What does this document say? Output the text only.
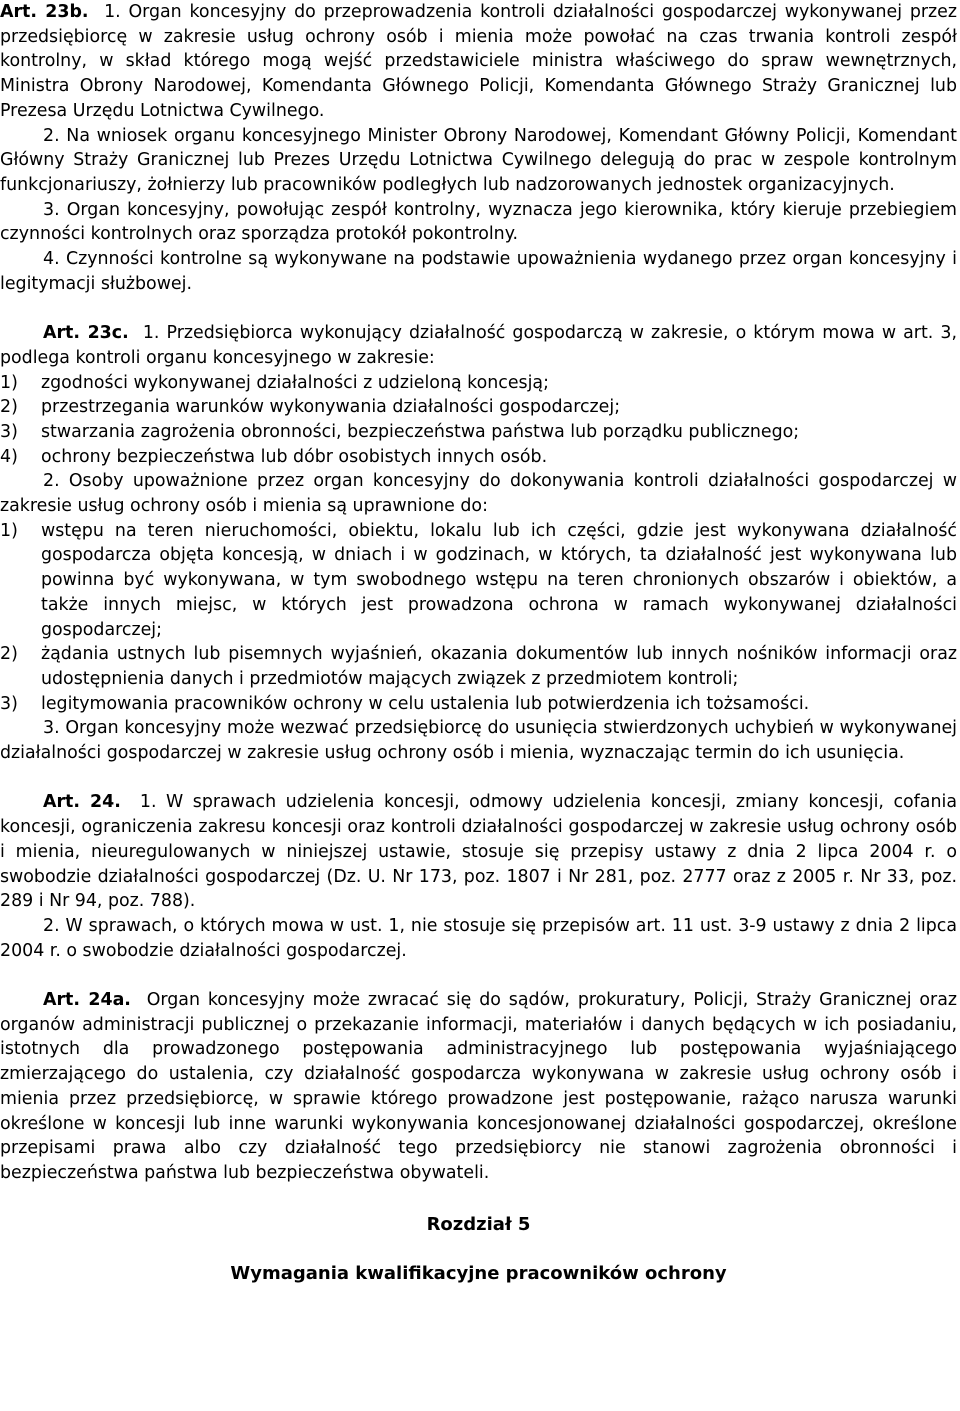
Art. 23b. 1. Organ koncesyjny do przeprowadzenia kontroli działalności gospodarczej wykonywanej przez przedsiębiorcę w zakresie usług ochrony osób i mienia może powołać na czas trwania kontroli zespół kontrolny, w skład którego mogą wejść przedstawiciele ministra właściwego do spraw wewnętrznych, Ministra Obrony Narodowej, Komendanta Głównego Policji, Komendanta Głównego Straży Granicznej lub Prezesa Urzędu Lotnictwa Cywilnego.

2. Na wniosek organu koncesyjnego Minister Obrony Narodowej, Komendant Główny Policji, Komendant Główny Straży Granicznej lub Prezes Urzędu Lotnictwa Cywilnego delegują do prac w zespole kontrolnym funkcjonariuszy, żołnierzy lub pracowników podległych lub nadzorowanych jednostek organizacyjnych.

3. Organ koncesyjny, powołując zespół kontrolny, wyznacza jego kierownika, który kieruje przebiegiem czynności kontrolnych oraz sporządza protokół pokontrolny.

4. Czynności kontrolne są wykonywane na podstawie upoważnienia wydanego przez organ koncesyjny i legitymacji służbowej.

Art. 23c. 1. Przedsiębiorca wykonujący działalność gospodarczą w zakresie, o którym mowa w art. 3, podlega kontroli organu koncesyjnego w zakresie:

1) zgodności wykonywanej działalności z udzieloną koncesją;
2) przestrzegania warunków wykonywania działalności gospodarczej;
3) stwarzania zagrożenia obronności, bezpieczeństwa państwa lub porządku publicznego;
4) ochrony bezpieczeństwa lub dóbr osobistych innych osób.

2. Osoby upoważnione przez organ koncesyjny do dokonywania kontroli działalności gospodarczej w zakresie usług ochrony osób i mienia są uprawnione do:

1) wstępu na teren nieruchomości, obiektu, lokalu lub ich części, gdzie jest wykonywana działalność gospodarcza objęta koncesją, w dniach i w godzinach, w których, ta działalność jest wykonywana lub powinna być wykonywana, w tym swobodnego wstępu na teren chronionych obszarów i obiektów, a także innych miejsc, w których jest prowadzona ochrona w ramach wykonywanej działalności gospodarczej;
2) żądania ustnych lub pisemnych wyjaśnień, okazania dokumentów lub innych nośników informacji oraz udostępnienia danych i przedmiotów mających związek z przedmiotem kontroli;
3) legitymowania pracowników ochrony w celu ustalenia lub potwierdzenia ich tożsamości.

3. Organ koncesyjny może wezwać przedsiębiorcę do usunięcia stwierdzonych uchybień w wykonywanej działalności gospodarczej w zakresie usług ochrony osób i mienia, wyznaczając termin do ich usunięcia.

Art. 24. 1. W sprawach udzielenia koncesji, odmowy udzielenia koncesji, zmiany koncesji, cofania koncesji, ograniczenia zakresu koncesji oraz kontroli działalności gospodarczej w zakresie usług ochrony osób i mienia, nieuregulowanych w niniejszej ustawie, stosuje się przepisy ustawy z dnia 2 lipca 2004 r. o swobodzie działalności gospodarczej (Dz. U. Nr 173, poz. 1807 i Nr 281, poz. 2777 oraz z 2005 r. Nr 33, poz. 289 i Nr 94, poz. 788).

2. W sprawach, o których mowa w ust. 1, nie stosuje się przepisów art. 11 ust. 3-9 ustawy z dnia 2 lipca 2004 r. o swobodzie działalności gospodarczej.

Art. 24a. Organ koncesyjny może zwracać się do sądów, prokuratury, Policji, Straży Granicznej oraz organów administracji publicznej o przekazanie informacji, materiałów i danych będących w ich posiadaniu, istotnych dla prowadzonego postępowania administracyjnego lub postępowania wyjaśniającego zmierzającego do ustalenia, czy działalność gospodarcza wykonywana w zakresie usług ochrony osób i mienia przez przedsiębiorcę, w sprawie którego prowadzone jest postępowanie, rażąco narusza warunki określone w koncesji lub inne warunki wykonywania koncesjonowanej działalności gospodarczej, określone przepisami prawa albo czy działalność tego przedsiębiorcy nie stanowi zagrożenia obronności i bezpieczeństwa państwa lub bezpieczeństwa obywateli.

Rozdział 5
Wymagania kwalifikacyjne pracowników ochrony
